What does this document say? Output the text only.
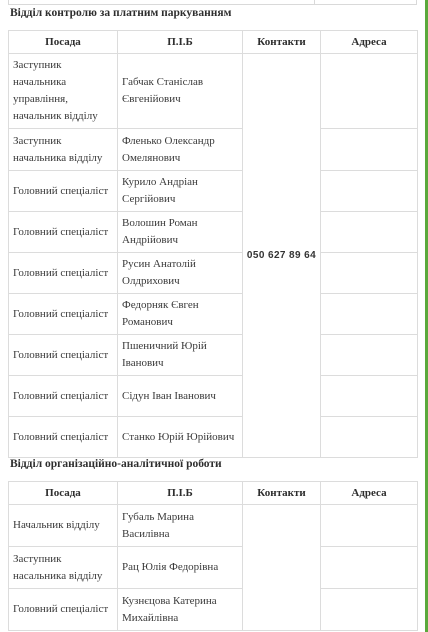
Відділ контролю за платним паркуванням
Посада	П.І.Б	Контакти	Адреса
Заступник начальника управління, начальник відділу	Габчак Станіслав Євгенійович	050 627 89 64	
Заступник начальника відділу	Фленько Олександр Омелянович		
Головний спеціаліст	Курило Андріан Сергійович		
Головний спеціаліст	Волошин Роман Андрійович		
Головний спеціаліст	Русин Анатолій Олдрихович		
Головний спеціаліст	Федорняк Євген Романович		
Головний спеціаліст	Пшеничний Юрій Іванович		
Головний спеціаліст	Сідун Іван Іванович		
Головний спеціаліст	Станко Юрій Юрійович		
Відділ організаційно-аналітичної роботи
Посада	П.І.Б	Контакти	Адреса
Начальник відділу	Губаль Марина Василівна		
Заступник насальника відділу	Рац Юлія Федорівна		
Головний спеціаліст	Кузнєцова Катерина Михайлівна		
